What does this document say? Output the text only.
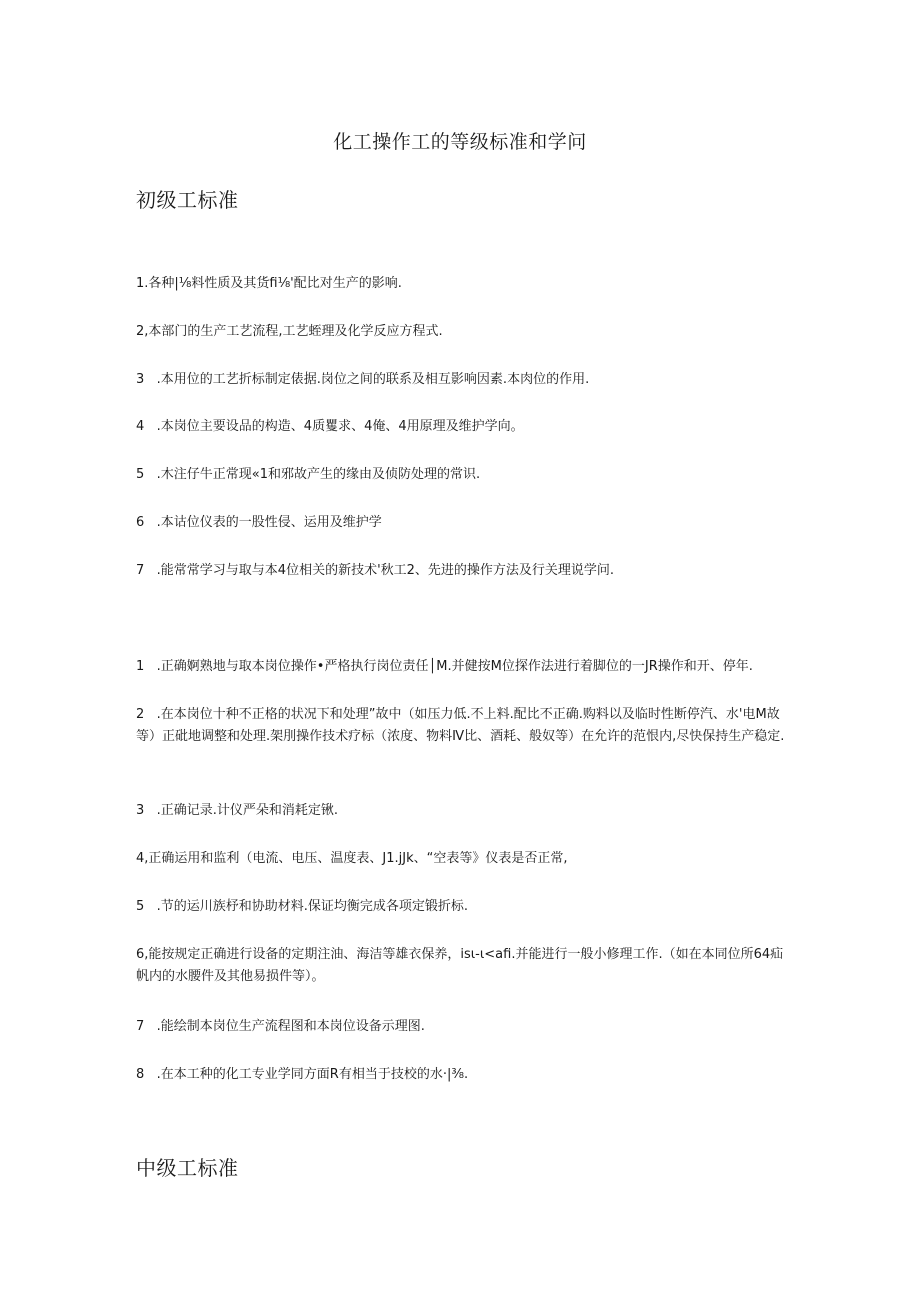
化工操作工的等级标准和学问
初级工标准
1.各种|⅛料性质及其货fi⅛'配比对生产的影响.
2,本部门的生产工艺流程,工艺蛭理及化学反应方程式.
3   .本用位的工艺折标制定俵据.岗位之间的联系及相互影响因素.本肉位的作用.
4   .本岗位主要设品的构造、4质矍求、4俺、4用原理及维护学向。
5   .木注仔牛正常现«1和邪故产生的缘由及侦防处理的常识.
6   .本诂位仪表的一股性侵、运用及维护学
7   .能常常学习与取与本4位相关的新技术'秋工2、先进的操作方法及行关理说学问.
1   .正确婀熟地与取本岗位操作•严格执行岗位责任│M.并健按M位探作法进行着脚位的一JR操作和开、停年.
2   .在本岗位十种不正格的状况下和处理”故中（如压力低.不上料.配比不正确.购料以及临时性断停汽、水'电M故等）正砒地调整和处理.架刖操作技术疗标（浓度、物料Ⅳ比、酒耗、般奴等）在允许的范恨内,尽快保持生产稳定.
3   .正确记录.计仪严朵和消耗定锹.
4,正确运用和监利（电流、电压、温度表、J1.jJk、“空表等》仪表是否正常,
5   .节的运川族杼和协助材料.保证均衡完成各项定锻折标.
6,能按规定正确进行设备的定期注油、海洁等雄衣保养，isι-ι<afi.并能进行一般小修理工作.（如在本同位所64疝帆内的水腰件及其他易损件等）。
7   .能绘制本岗位生产流程图和本岗位设备示理图.
8   .在本工种的化工专业学同方面R有相当于技校的水·|⅜.
中级工标准
